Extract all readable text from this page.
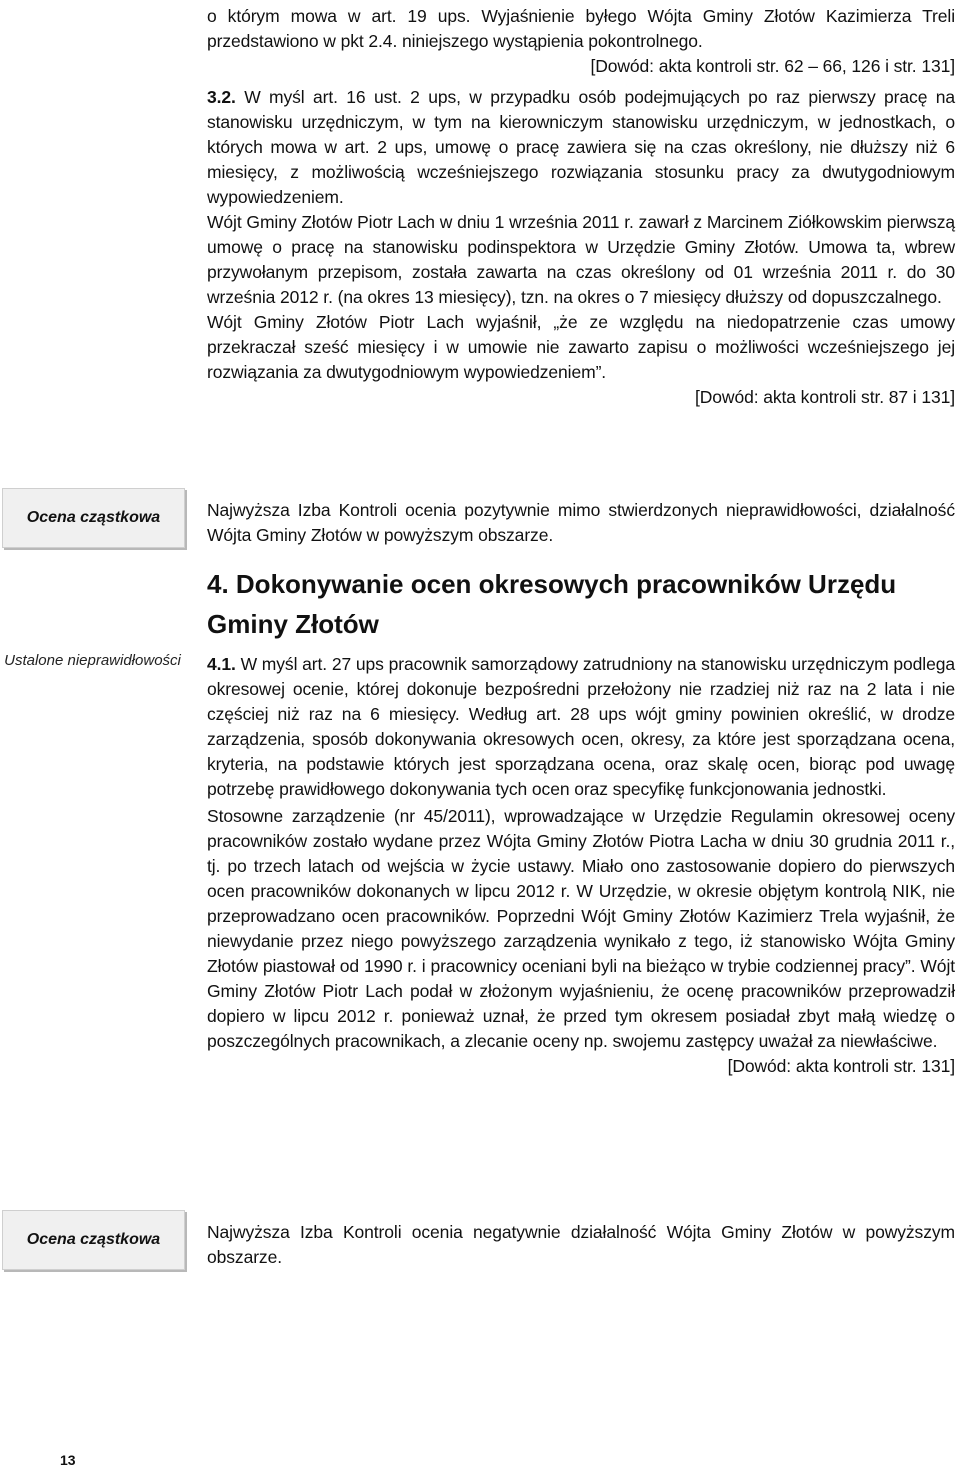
Ocena cząstkowa
Ustalone nieprawidłowości
Ocena cząstkowa

o którym mowa w art. 19 ups. Wyjaśnienie byłego Wójta Gminy Złotów Kazimierza Treli przedstawiono w pkt 2.4. niniejszego wystąpienia pokontrolnego.

[Dowód: akta kontroli str. 62 – 66, 126 i str. 131]

3.2. W myśl art. 16 ust. 2 ups, w przypadku osób podejmujących po raz pierwszy pracę na stanowisku urzędniczym, w tym na kierowniczym stanowisku urzędniczym, w jednostkach, o których mowa w art. 2 ups, umowę o pracę zawiera się na czas określony, nie dłuższy niż 6 miesięcy, z możliwością wcześniejszego rozwiązania stosunku pracy za dwutygodniowym wypowiedzeniem.

Wójt Gminy Złotów Piotr Lach w dniu 1 września 2011 r. zawarł z Marcinem Ziółkowskim pierwszą umowę o pracę na stanowisku podinspektora w Urzędzie Gminy Złotów. Umowa ta, wbrew przywołanym przepisom, została zawarta na czas określony od 01 września 2011 r. do 30 września 2012 r. (na okres 13 miesięcy), tzn. na okres o 7 miesięcy dłuższy od dopuszczalnego.

Wójt Gminy Złotów Piotr Lach wyjaśnił, „że ze względu na niedopatrzenie czas umowy przekraczał sześć miesięcy i w umowie nie zawarto zapisu o możliwości wcześniejszego jej rozwiązania za dwutygodniowym wypowiedzeniem”.

[Dowód: akta kontroli str. 87 i 131]

Najwyższa Izba Kontroli ocenia pozytywnie mimo stwierdzonych nieprawidłowości, działalność Wójta Gminy Złotów w powyższym obszarze.

4. Dokonywanie ocen okresowych pracowników Urzędu Gminy Złotów

4.1. W myśl art. 27 ups pracownik samorządowy zatrudniony na stanowisku urzędniczym podlega okresowej ocenie, której dokonuje bezpośredni przełożony nie rzadziej niż raz na 2 lata i nie częściej niż raz na 6 miesięcy. Według art. 28 ups wójt gminy powinien określić, w drodze zarządzenia, sposób dokonywania okresowych ocen, okresy, za które jest sporządzana ocena, kryteria, na podstawie których jest sporządzana ocena, oraz skalę ocen, biorąc pod uwagę potrzebę prawidłowego dokonywania tych ocen oraz specyfikę funkcjonowania jednostki.

Stosowne zarządzenie (nr 45/2011), wprowadzające w Urzędzie Regulamin okresowej oceny pracowników zostało wydane przez Wójta Gminy Złotów Piotra Lacha w dniu 30 grudnia 2011 r., tj. po trzech latach od wejścia w życie ustawy. Miało ono zastosowanie dopiero do pierwszych ocen pracowników dokonanych w lipcu 2012 r. W Urzędzie, w okresie objętym kontrolą NIK, nie przeprowadzano ocen pracowników. Poprzedni Wójt Gminy Złotów Kazimierz Trela wyjaśnił, że niewydanie przez niego powyższego zarządzenia wynikało z tego, iż stanowisko Wójta Gminy Złotów piastował od 1990 r. i pracownicy oceniani byli na bieżąco w trybie codziennej pracy”. Wójt Gminy Złotów Piotr Lach podał w złożonym wyjaśnieniu, że ocenę pracowników przeprowadził dopiero w lipcu 2012 r. ponieważ uznał, że przed tym okresem posiadał zbyt małą wiedzę o poszczególnych pracownikach, a zlecanie oceny np. swojemu zastępcy uważał za niewłaściwe.

[Dowód: akta kontroli str. 131]

Najwyższa Izba Kontroli ocenia negatywnie działalność Wójta Gminy Złotów w powyższym obszarze.

13
